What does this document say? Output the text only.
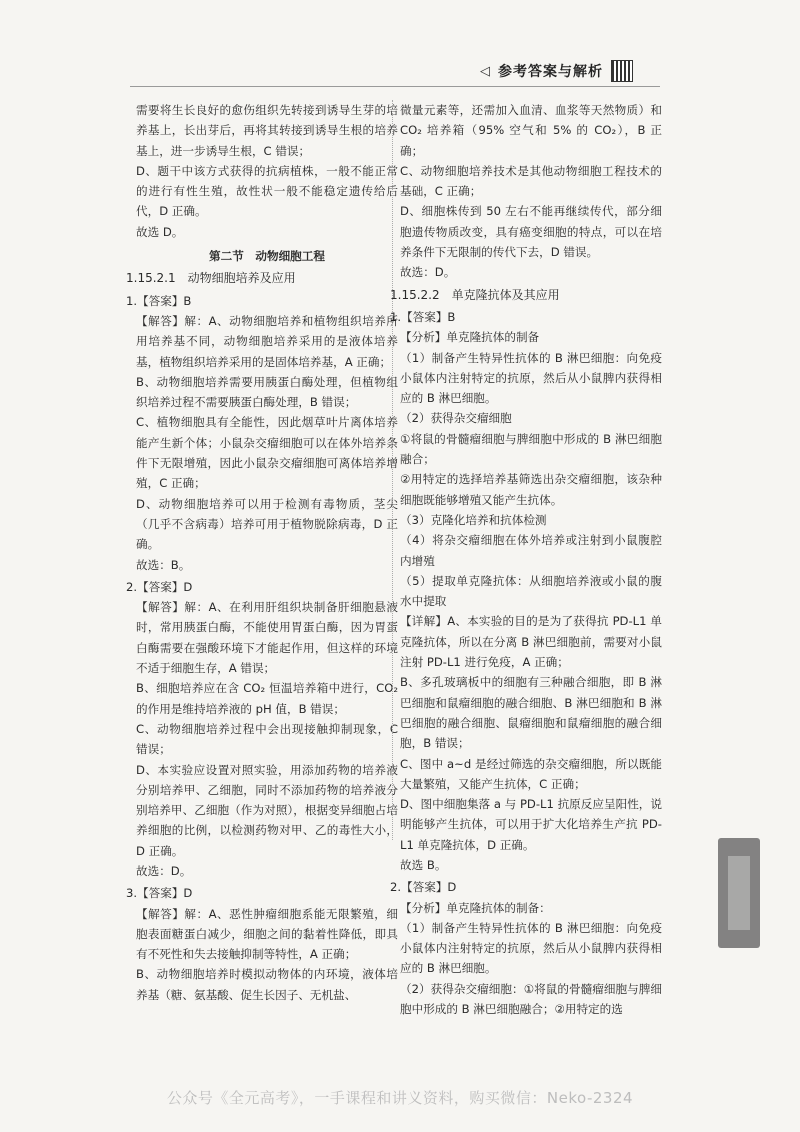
◁ 参考答案与解析

需要将生长良好的愈伤组织先转接到诱导生芽的培养基上，长出芽后，再将其转接到诱导生根的培养基上，进一步诱导生根，C 错误；

D、题干中该方式获得的抗病植株，一般不能正常的进行有性生殖，故性状一般不能稳定遗传给后代，D 正确。

故选 D。

第二节　动物细胞工程

1.15.2.1　动物细胞培养及应用

1.【答案】B

【解答】解：A、动物细胞培养和植物组织培养所用培养基不同，动物细胞培养采用的是液体培养基，植物组织培养采用的是固体培养基，A 正确；

B、动物细胞培养需要用胰蛋白酶处理，但植物组织培养过程不需要胰蛋白酶处理，B 错误；

C、植物细胞具有全能性，因此烟草叶片离体培养能产生新个体；小鼠杂交瘤细胞可以在体外培养条件下无限增殖，因此小鼠杂交瘤细胞可离体培养增殖，C 正确；

D、动物细胞培养可以用于检测有毒物质，茎尖（几乎不含病毒）培养可用于植物脱除病毒，D 正确。

故选：B。

2.【答案】D

【解答】解：A、在利用肝组织块制备肝细胞悬液时，常用胰蛋白酶，不能使用胃蛋白酶，因为胃蛋白酶需要在强酸环境下才能起作用，但这样的环境不适于细胞生存，A 错误；

B、细胞培养应在含 CO₂ 恒温培养箱中进行，CO₂ 的作用是维持培养液的 pH 值，B 错误；

C、动物细胞培养过程中会出现接触抑制现象，C 错误；

D、本实验应设置对照实验，用添加药物的培养液分别培养甲、乙细胞，同时不添加药物的培养液分别培养甲、乙细胞（作为对照），根据变异细胞占培养细胞的比例，以检测药物对甲、乙的毒性大小，D 正确。

故选：D。

3.【答案】D

【解答】解：A、恶性肿瘤细胞系能无限繁殖，细胞表面糖蛋白减少，细胞之间的黏着性降低，即具有不死性和失去接触抑制等特性，A 正确；

B、动物细胞培养时模拟动物体的内环境，液体培养基（糖、氨基酸、促生长因子、无机盐、

微量元素等，还需加入血清、血浆等天然物质）和 CO₂ 培养箱（95% 空气和 5% 的 CO₂），B 正确；

C、动物细胞培养技术是其他动物细胞工程技术的基础，C 正确；

D、细胞株传到 50 左右不能再继续传代，部分细胞遗传物质改变，具有癌变细胞的特点，可以在培养条件下无限制的传代下去，D 错误。

故选：D。

1.15.2.2　单克隆抗体及其应用

1.【答案】B

【分析】单克隆抗体的制备

（1）制备产生特异性抗体的 B 淋巴细胞：向免疫小鼠体内注射特定的抗原，然后从小鼠脾内获得相应的 B 淋巴细胞。

（2）获得杂交瘤细胞

①将鼠的骨髓瘤细胞与脾细胞中形成的 B 淋巴细胞融合；

②用特定的选择培养基筛选出杂交瘤细胞，该杂种细胞既能够增殖又能产生抗体。

（3）克隆化培养和抗体检测

（4）将杂交瘤细胞在体外培养或注射到小鼠腹腔内增殖

（5）提取单克隆抗体：从细胞培养液或小鼠的腹水中提取

【详解】A、本实验的目的是为了获得抗 PD-L1 单克隆抗体，所以在分离 B 淋巴细胞前，需要对小鼠注射 PD-L1 进行免疫，A 正确；

B、多孔玻璃板中的细胞有三种融合细胞，即 B 淋巴细胞和鼠瘤细胞的融合细胞、B 淋巴细胞和 B 淋巴细胞的融合细胞、鼠瘤细胞和鼠瘤细胞的融合细胞，B 错误；

C、图中 a~d 是经过筛选的杂交瘤细胞，所以既能大量繁殖，又能产生抗体，C 正确；

D、图中细胞集落 a 与 PD-L1 抗原反应呈阳性，说明能够产生抗体，可以用于扩大化培养生产抗 PD-L1 单克隆抗体，D 正确。

故选 B。

2.【答案】D

【分析】单克隆抗体的制备：

（1）制备产生特异性抗体的 B 淋巴细胞：向免疫小鼠体内注射特定的抗原，然后从小鼠脾内获得相应的 B 淋巴细胞。

（2）获得杂交瘤细胞：①将鼠的骨髓瘤细胞与脾细胞中形成的 B 淋巴细胞融合；②用特定的选

公众号《全元高考》，一手课程和讲义资料，购买微信：Neko-2324
